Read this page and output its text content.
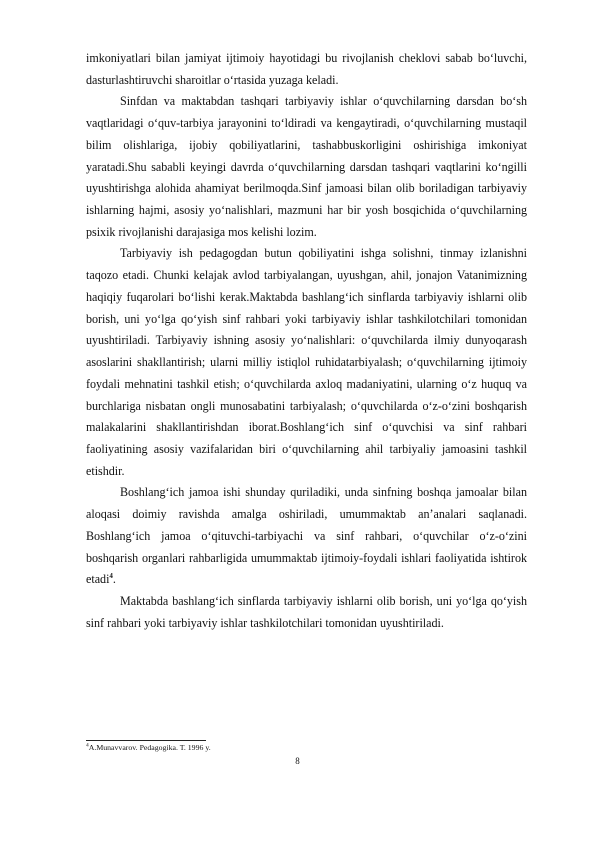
imkoniyatlari bilan jamiyat ijtimoiy hayotidagi bu rivojlanish cheklovi sabab bo‘luvchi, dasturlashtiruvchi sharoitlar o‘rtasida yuzaga keladi.

Sinfdan va maktabdan tashqari tarbiyaviy ishlar o‘quvchilarning darsdan bo‘sh vaqtlaridagi o‘quv-tarbiya jarayonini to‘ldiradi va kengaytiradi, o‘quvchilarning mustaqil bilim olishlariga, ijobiy qobiliyatlarini, tashabbuskorligini oshirishiga imkoniyat yaratadi.Shu sababli keyingi davrda o‘quvchilarning darsdan tashqari vaqtlarini ko‘ngilli uyushtirishga alohida ahamiyat berilmoqda.Sinf jamoasi bilan olib boriladigan tarbiyaviy ishlarning hajmi, asosiy yo‘nalishlari, mazmuni har bir yosh bosqichida o‘quvchilarning psixik rivojlanishi darajasiga mos kelishi lozim.

Tarbiyaviy ish pedagogdan butun qobiliyatini ishga solishni, tinmay izlanishni taqozo etadi. Chunki kelajak avlod tarbiyalangan, uyushgan, ahil, jonajon Vatanimizning haqiqiy fuqarolari bo‘lishi kerak.Maktabda bashlang‘ich sinflarda tarbiyaviy ishlarni olib borish, uni yo‘lga qo‘yish sinf rahbari yoki tarbiyaviy ishlar tashkilotchilari tomonidan uyushtiriladi. Tarbiyaviy ishning asosiy yo‘nalishlari: o‘quvchilarda ilmiy dunyoqarash asoslarini shakllantirish; ularni milliy istiqlol ruhidatarbiyalash; o‘quvchilarning ijtimoiy foydali mehnatini tashkil etish; o‘quvchilarda axloq madaniyatini, ularning o‘z huquq va burchlariga nisbatan ongli munosabatini tarbiyalash; o‘quvchilarda o‘z-o‘zini boshqarish malakalarini shakllantirishdan iborat.Boshlang‘ich sinf o‘quvchisi va sinf rahbari faoliyatining asosiy vazifalaridan biri o‘quvchilarning ahil tarbiyaliy jamoasini tashkil etishdir.

Boshlang‘ich jamoa ishi shunday quriladiki, unda sinfning boshqa jamoalar bilan aloqasi doimiy ravishda amalga oshiriladi, umummaktab an’analari saqlanadi. Boshlang‘ich jamoa o‘qituvchi-tarbiyachi va sinf rahbari, o‘quvchilar o‘z-o‘zini boshqarish organlari rahbarligida umummaktab ijtimoiy-foydali ishlari faoliyatida ishtirok etadi$^4$.

Maktabda bashlang‘ich sinflarda tarbiyaviy ishlarni olib borish, uni yo‘lga qo‘yish sinf rahbari yoki tarbiyaviy ishlar tashkilotchilari tomonidan uyushtiriladi.

$^4$A.Munavvarov. Pedagogika. T. 1996 y.
8
